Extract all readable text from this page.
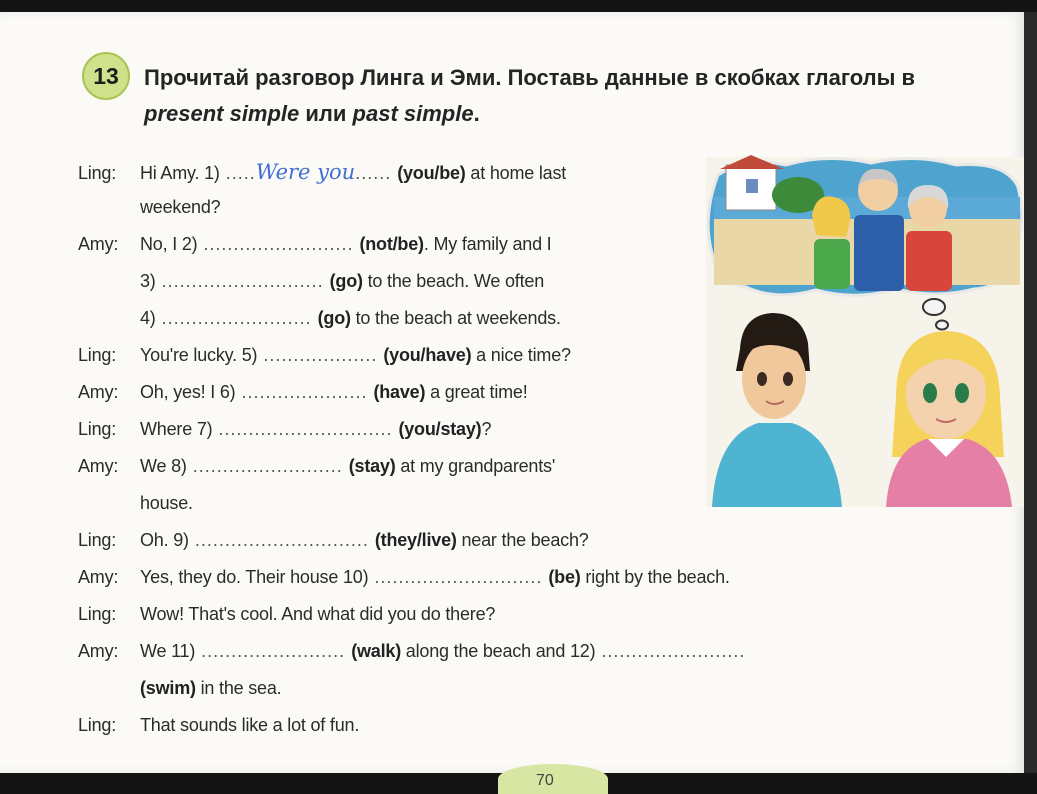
13 Прочитай разговор Линга и Эми. Поставь данные в скобках глаголы в
present simple или past simple.
Ling: Hi Amy. 1) .....Were you...... (you/be) at home last
weekend?
Amy: No, I 2) ......................... (not/be). My family and I
3) ........................... (go) to the beach. We often
4) ......................... (go) to the beach at weekends.
Ling: You're lucky. 5) ................... (you/have) a nice time?
Amy: Oh, yes! I 6) ..................... (have) a great time!
Ling: Where 7) ............................. (you/stay)?
Amy: We 8) ......................... (stay) at my grandparents'
house.
Ling: Oh. 9) ............................. (they/live) near the beach?
Amy: Yes, they do. Their house 10) ............................ (be) right by the beach.
Ling: Wow! That's cool. And what did you do there?
Amy: We 11) ........................ (walk) along the beach and 12) ........................
(swim) in the sea.
Ling: That sounds like a lot of fun.
70
